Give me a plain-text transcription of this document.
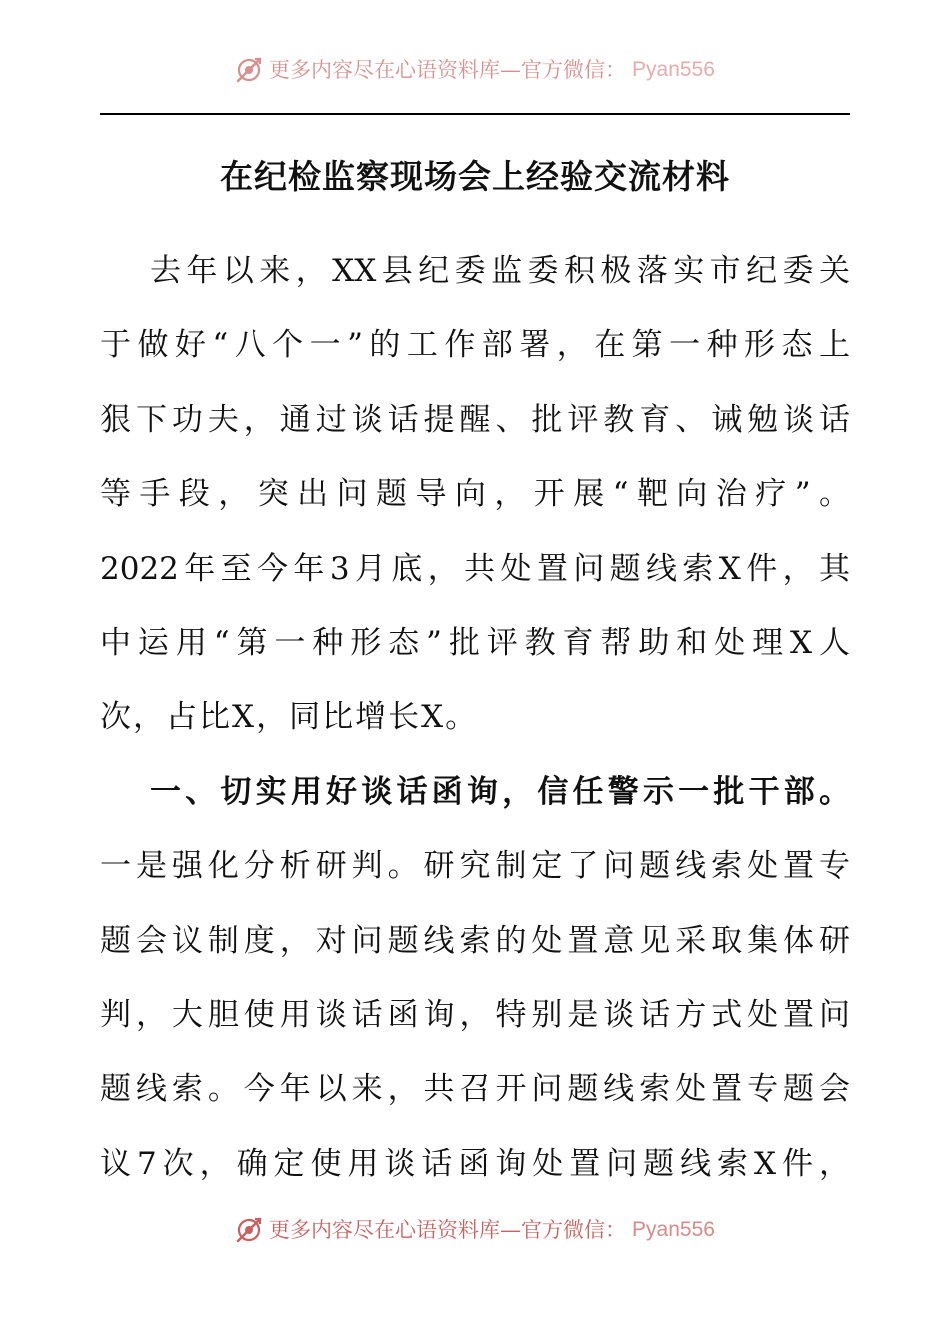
更多内容尽在心语资料库—官方微信： Pyan556
在纪检监察现场会上经验交流材料
去年以来，XX县纪委监委积极落实市纪委关
于做好“八个一”的工作部署，在第一种形态上
狠下功夫，通过谈话提醒、批评教育、诫勉谈话
等手段，突出问题导向，开展“靶向治疗”。
2022年至今年3月底，共处置问题线索X件，其
中运用“第一种形态”批评教育帮助和处理X人
次，占比X，同比增长X。
一、切实用好谈话函询，信任警示一批干部。
一是强化分析研判。研究制定了问题线索处置专
题会议制度，对问题线索的处置意见采取集体研
判，大胆使用谈话函询，特别是谈话方式处置问
题线索。今年以来，共召开问题线索处置专题会
议7次，确定使用谈话函询处置问题线索X件，
更多内容尽在心语资料库—官方微信： Pyan556
